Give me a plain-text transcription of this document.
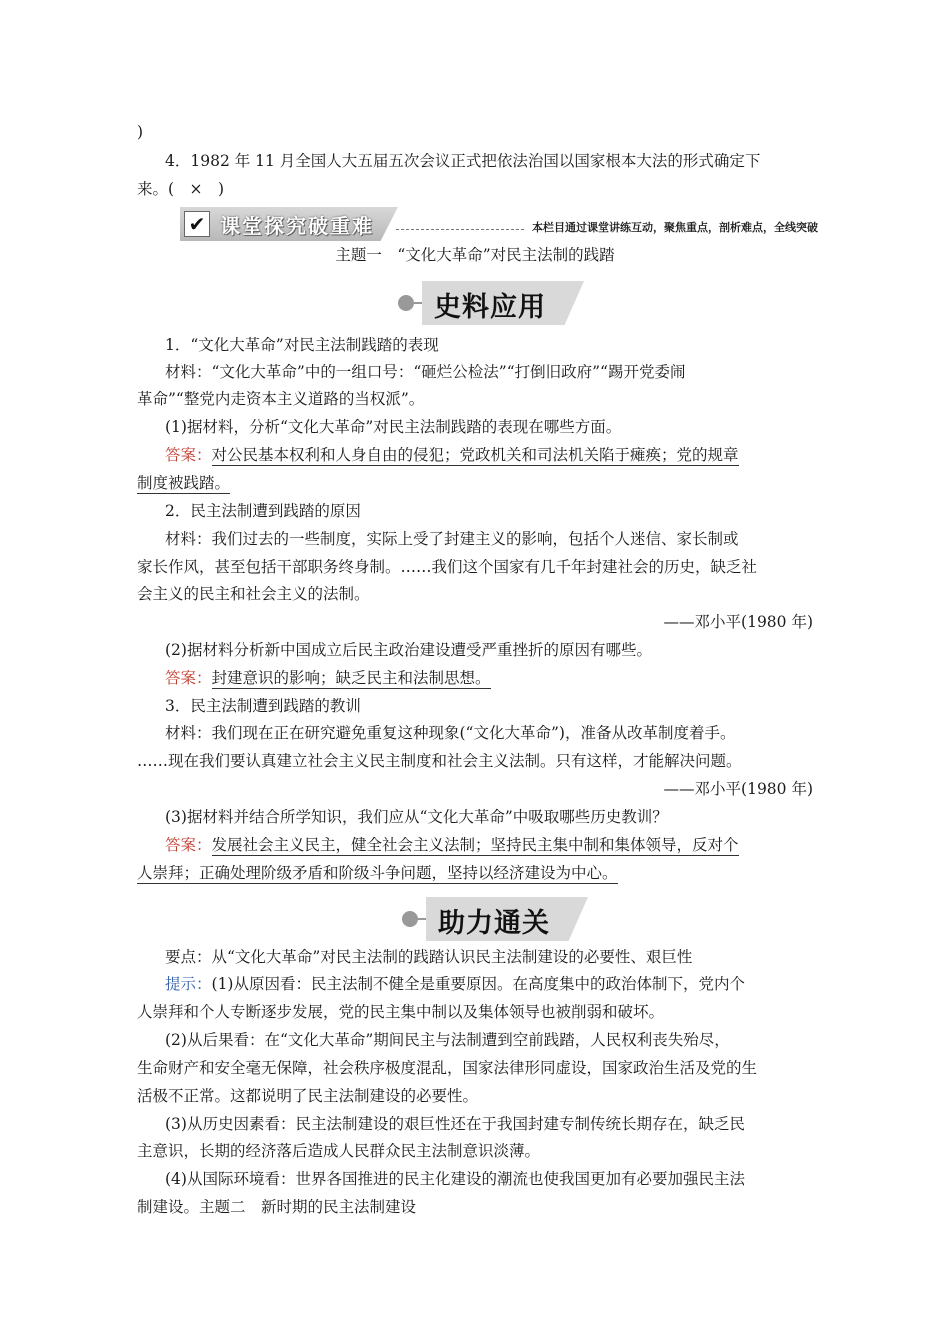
)
4．1982 年 11 月全国人大五届五次会议正式把依法治国以国家根本大法的形式确定下
来。(　×　)
✔ 课堂探究破重难	本栏目通过课堂讲练互动，聚焦重点，剖析难点，全线突破
主题一　“文化大革命”对民主法制的践踏
史料应用
1．“文化大革命”对民主法制践踏的表现
材料：“文化大革命”中的一组口号：“砸烂公检法”“打倒旧政府”“踢开党委闹
革命”“整党内走资本主义道路的当权派”。
(1)据材料，分析“文化大革命”对民主法制践踏的表现在哪些方面。
答案：对公民基本权利和人身自由的侵犯；党政机关和司法机关陷于瘫痪；党的规章
制度被践踏。
2．民主法制遭到践踏的原因
材料：我们过去的一些制度，实际上受了封建主义的影响，包括个人迷信、家长制或
家长作风，甚至包括干部职务终身制。……我们这个国家有几千年封建社会的历史，缺乏社
会主义的民主和社会主义的法制。
——邓小平(1980 年)
(2)据材料分析新中国成立后民主政治建设遭受严重挫折的原因有哪些。
答案：封建意识的影响；缺乏民主和法制思想。
3．民主法制遭到践踏的教训
材料：我们现在正在研究避免重复这种现象(“文化大革命”)，准备从改革制度着手。
……现在我们要认真建立社会主义民主制度和社会主义法制。只有这样，才能解决问题。
——邓小平(1980 年)
(3)据材料并结合所学知识，我们应从“文化大革命”中吸取哪些历史教训？
答案：发展社会主义民主，健全社会主义法制；坚持民主集中制和集体领导，反对个
人崇拜；正确处理阶级矛盾和阶级斗争问题，坚持以经济建设为中心。
助力通关
要点：从“文化大革命”对民主法制的践踏认识民主法制建设的必要性、艰巨性
提示：(1)从原因看：民主法制不健全是重要原因。在高度集中的政治体制下，党内个
人崇拜和个人专断逐步发展，党的民主集中制以及集体领导也被削弱和破坏。
(2)从后果看：在“文化大革命”期间民主与法制遭到空前践踏，人民权利丧失殆尽，
生命财产和安全毫无保障，社会秩序极度混乱，国家法律形同虚设，国家政治生活及党的生
活极不正常。这都说明了民主法制建设的必要性。
(3)从历史因素看：民主法制建设的艰巨性还在于我国封建专制传统长期存在，缺乏民
主意识，长期的经济落后造成人民群众民主法制意识淡薄。
(4)从国际环境看：世界各国推进的民主化建设的潮流也使我国更加有必要加强民主法
制建设。主题二　新时期的民主法制建设
